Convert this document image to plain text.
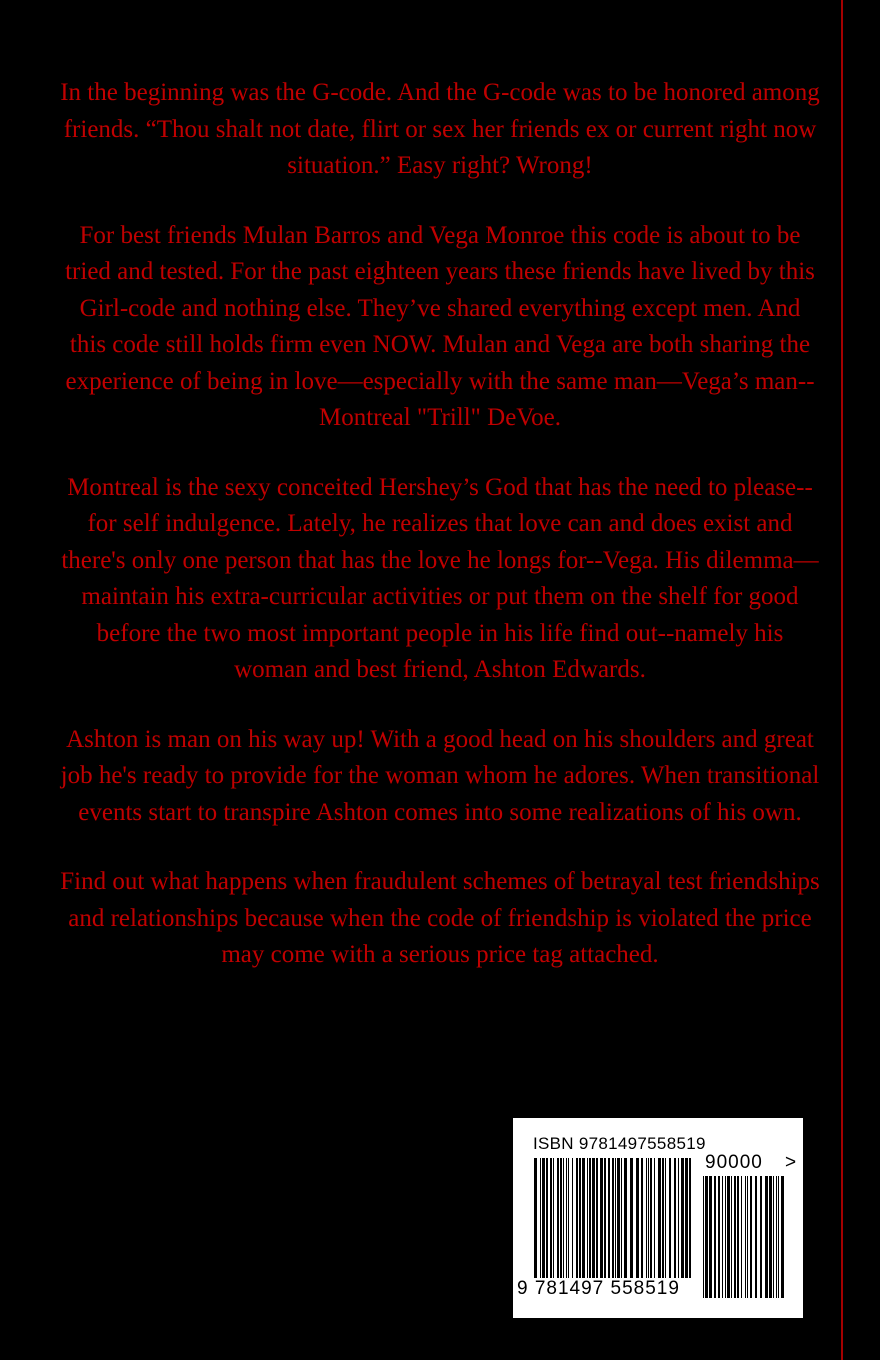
In the beginning was the G-code. And the G-code was to be honored among friends. “Thou shalt not date, flirt or sex her friends ex or current right now situation.” Easy right? Wrong!

For best friends Mulan Barros and Vega Monroe this code is about to be tried and tested. For the past eighteen years these friends have lived by this Girl-code and nothing else. They’ve shared everything except men. And this code still holds firm even NOW. Mulan and Vega are both sharing the experience of being in love—especially with the same man—Vega’s man--Montreal "Trill" DeVoe.

Montreal is the sexy conceited Hershey’s God that has the need to please--for self indulgence. Lately, he realizes that love can and does exist and there's only one person that has the love he longs for--Vega. His dilemma—maintain his extra-curricular activities or put them on the shelf for good before the two most important people in his life find out--namely his woman and best friend, Ashton Edwards.

Ashton is man on his way up! With a good head on his shoulders and great job he's ready to provide for the woman whom he adores. When transitional events start to transpire Ashton comes into some realizations of his own.

Find out what happens when fraudulent schemes of betrayal test friendships and relationships because when the code of friendship is violated the price may come with a serious price tag attached.

ISBN 9781497558519
9 781497 558519
90000 >
